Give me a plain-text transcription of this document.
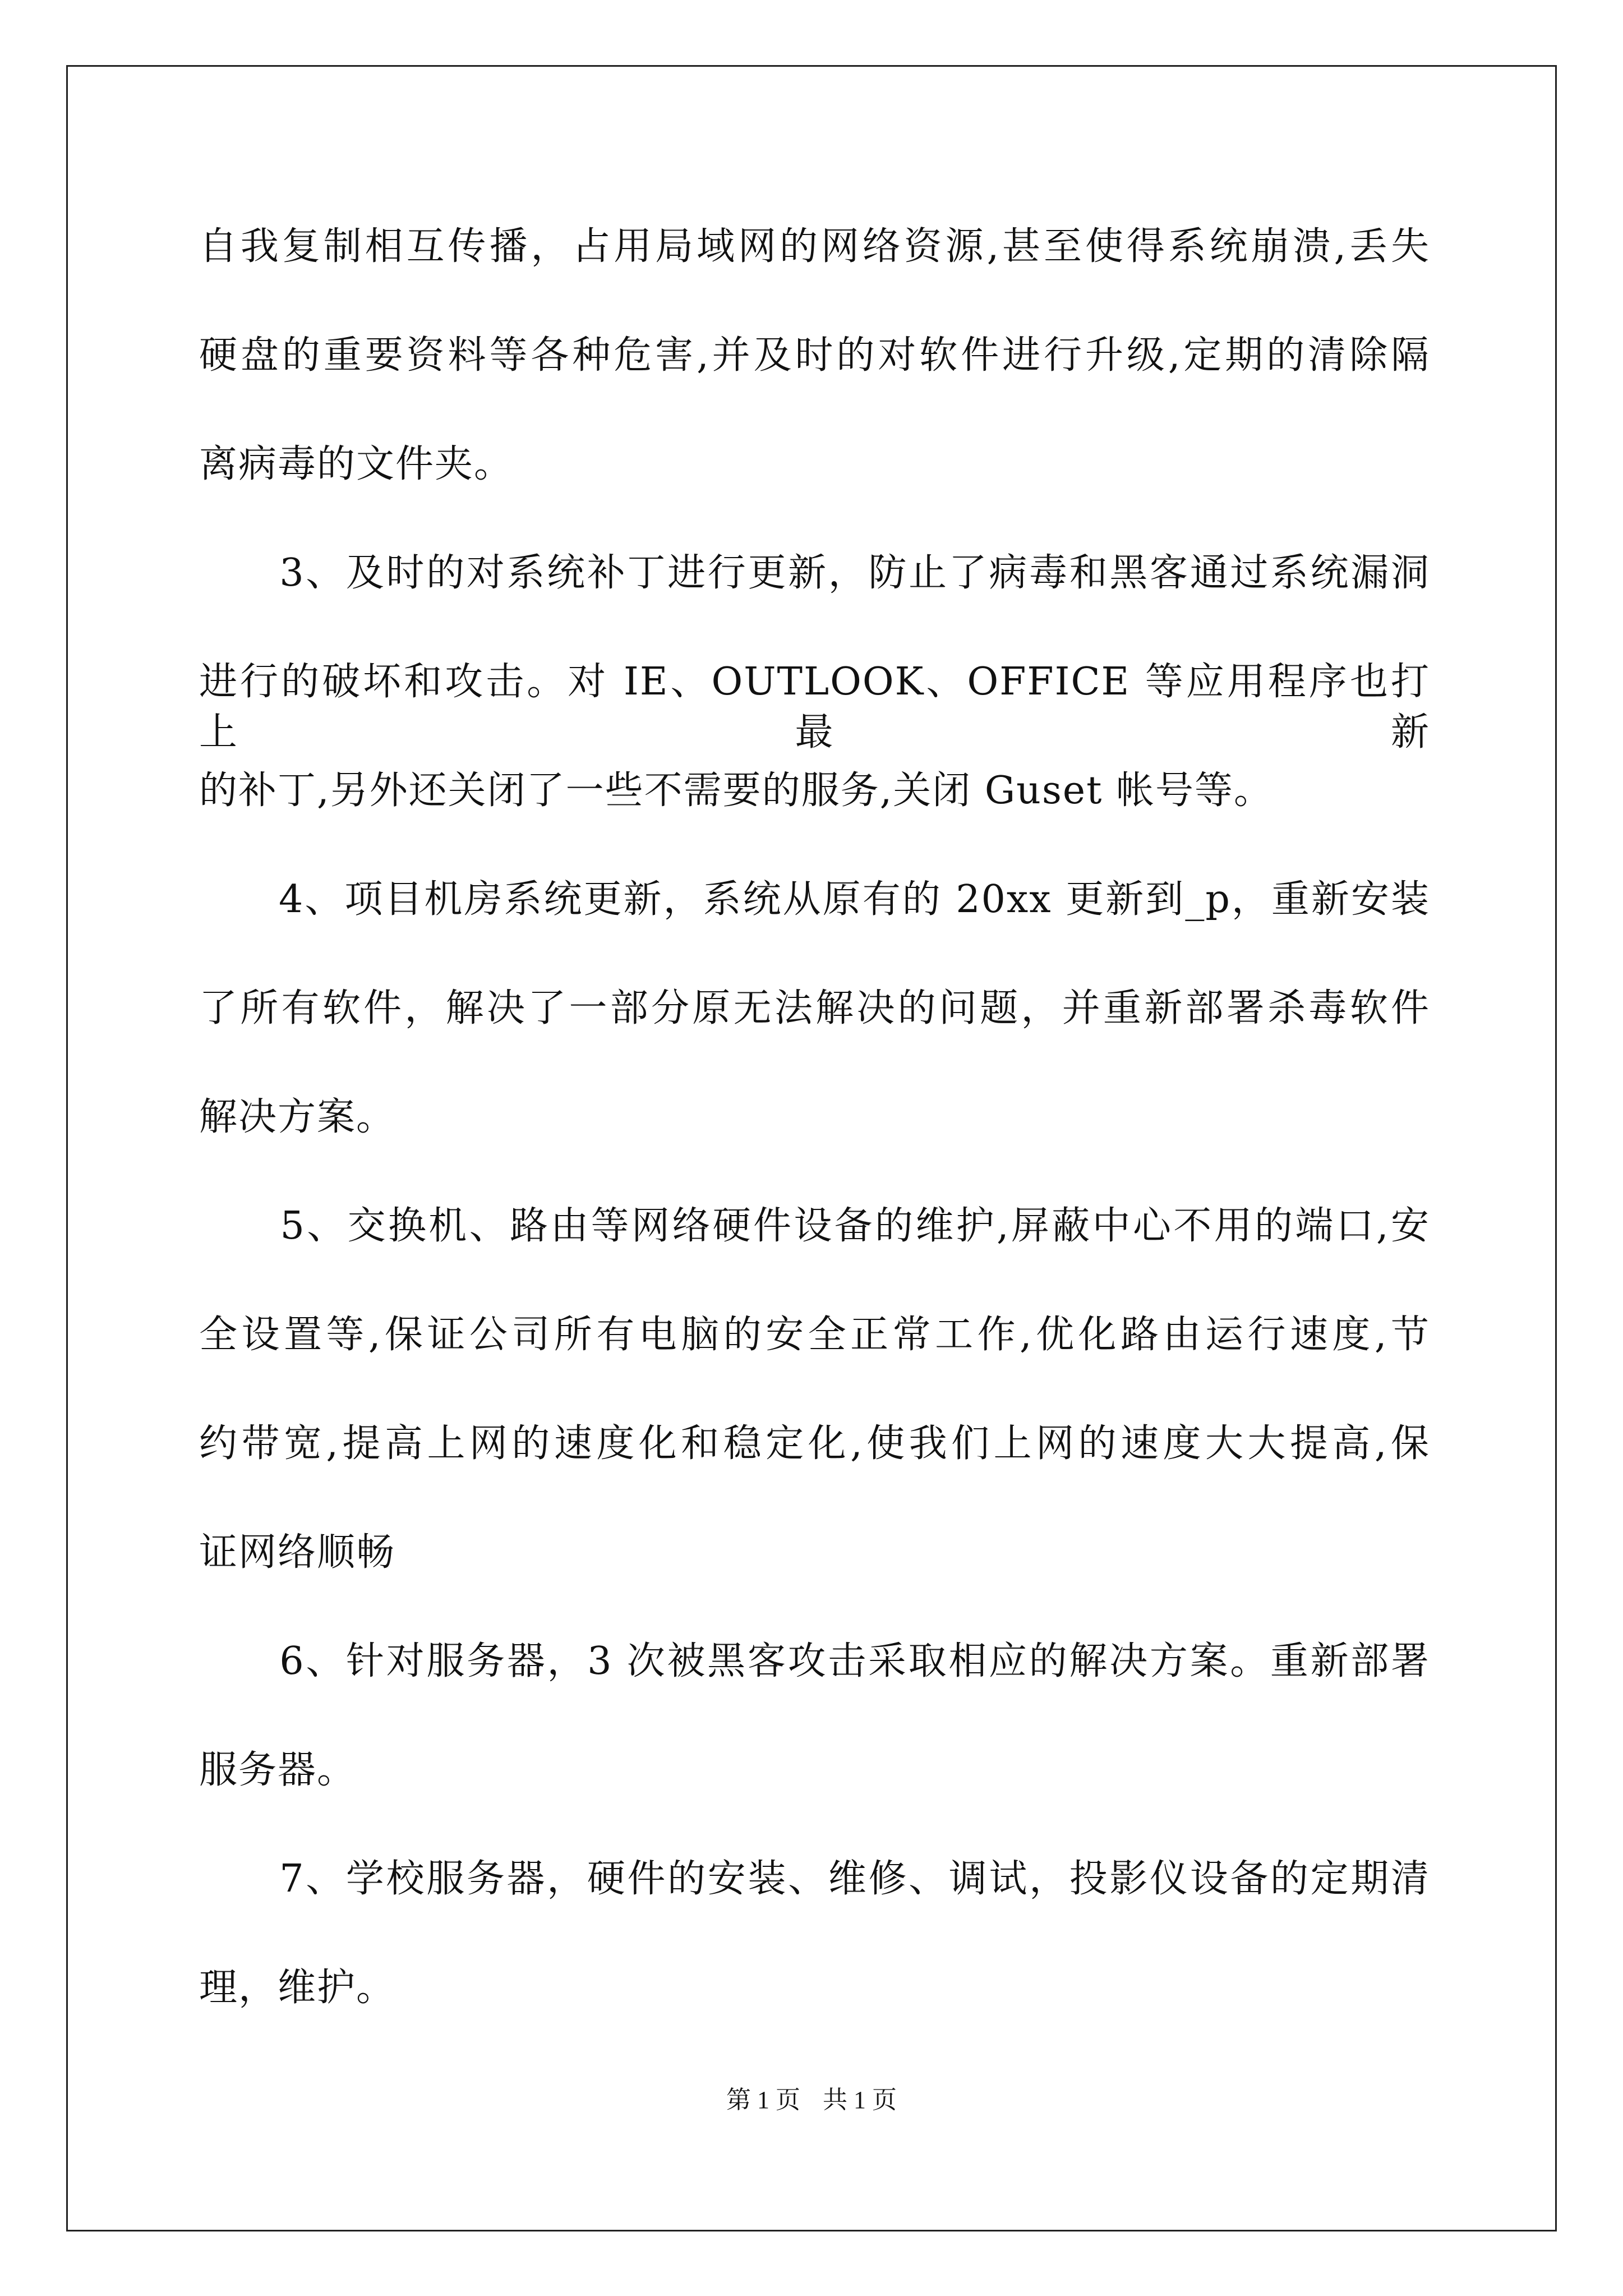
自我复制相互传播，占用局域网的网络资源,甚至使得系统崩溃,丢失
硬盘的重要资料等各种危害,并及时的对软件进行升级,定期的清除隔
离病毒的文件夹。
　　3、及时的对系统补丁进行更新，防止了病毒和黑客通过系统漏洞
进行的破坏和攻击。对 IE、OUTLOOK、OFFICE 等应用程序也打上最新
的补丁,另外还关闭了一些不需要的服务,关闭 Guset 帐号等。
　　4、项目机房系统更新，系统从原有的 20xx 更新到_p，重新安装
了所有软件，解决了一部分原无法解决的问题，并重新部署杀毒软件
解决方案。
　　5、交换机、路由等网络硬件设备的维护,屏蔽中心不用的端口,安
全设置等,保证公司所有电脑的安全正常工作,优化路由运行速度,节
约带宽,提高上网的速度化和稳定化,使我们上网的速度大大提高,保
证网络顺畅
　　6、针对服务器，3 次被黑客攻击采取相应的解决方案。重新部署
服务器。
　　7、学校服务器，硬件的安装、维修、调试，投影仪设备的定期清
理，维护。
第 1 页 共 1 页
